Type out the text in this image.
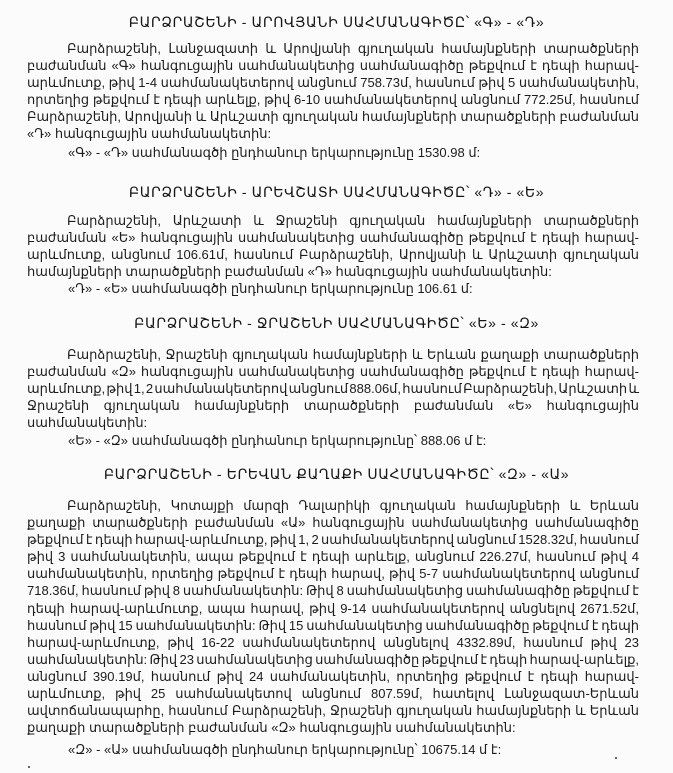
ԲԱՐՁՐԱՇԵՆԻ - ԱՐՈՎՅԱՆԻ ՍԱՀՄԱՆԱԳԻԾԸ՝ «Գ» - «Դ»
Բարձրաշենի, Լանջազատի և Արովյանի գյուղական համայնքների տարածքների
բաժանման «Գ» հանգուցային սահմանակետից սահմանագիծը թեքվում է դեպի հարավ-
արևմուտք, թիվ 1-4 սահմանակետերով անցնում 758.73մ, հասնում թիվ 5 սահմանակետին,
որտեղից թեքվում է դեպի արևելք, թիվ 6-10 սահմանակետերով անցնում 772.25մ, հասնում
Բարձրաշենի, Արովյանի և Արևշատի գյուղական համայնքների տարածքների բաժանման
«Դ» հանգուցային սահմանակետին:
«Գ» - «Դ» սահմանագծի ընդհանուր երկարությունը 1530.98 մ:
ԲԱՐՁՐԱՇԵՆԻ - ԱՐԵՎՇԱՏԻ ՍԱՀՄԱՆԱԳԻԾԸ՝ «Դ» - «Ե»
Բարձրաշենի, Արևշատի և Ջրաշենի գյուղական համայնքների տարածքների
բաժանման «Ե» հանգուցային սահմանակետից սահմանագիծը թեքվում է դեպի հարավ-
արևմուտք, անցնում 106.61մ, հասնում Բարձրաշենի, Արովյանի և Արևշատի գյուղական
համայնքների տարածքների բաժանման «Դ» հանգուցային սահմանակետին:
«Դ» - «Ե» սահմանագծի ընդհանուր երկարությունը 106.61 մ:
ԲԱՐՁՐԱՇԵՆԻ - ՋՐԱՇԵՆԻ ՍԱՀՄԱՆԱԳԻԾԸ՝ «Ե» - «Զ»
Բարձրաշենի, Ջրաշենի գյուղական համայնքների և Երևան քաղաքի տարածքների
բաժանման «Զ» հանգուցային սահմանակետից սահմանագիծը թեքվում է դեպի հարավ-
արևմուտք, թիվ 1, 2 սահմանակետերով անցնում 888.06մ, հասնում Բարձրաշենի, Արևշատի և
Ջրաշենի գյուղական համայնքների տարածքների բաժանման «Ե» հանգուցային
սահմանակետին:
«Ե» - «Զ» սահմանագծի ընդհանուր երկարությունը՝ 888.06 մ է:
ԲԱՐՁՐԱՇԵՆԻ - ԵՐԵՎԱՆ ՔԱՂԱՔԻ ՍԱՀՄԱՆԱԳԻԾԸ՝ «Զ» - «Ա»
Բարձրաշենի, Կոտայքի մարզի Դալարիկի գյուղական համայնքների և Երևան
քաղաքի տարածքների բաժանման «Ա» հանգուցային սահմանակետից սահմանագիծը
թեքվում է դեպի հարավ-արևմուտք, թիվ 1, 2 սահմանակետերով անցնում 1528.32մ, հասնում
թիվ 3 սահմանակետին, ապա թեքվում է դեպի արևելք, անցնում 226.27մ, հասնում թիվ 4
սահմանակետին, որտեղից թեքվում է դեպի հարավ, թիվ 5-7 սահմանակետերով անցնում
718.36մ, հասնում թիվ 8 սահմանակետին: Թիվ 8 սահմանակետից սահմանագիծը թեքվում է
դեպի հարավ-արևմուտք, ապա հարավ, թիվ 9-14 սահմանակետերով անցնելով 2671.52մ,
հասնում թիվ 15 սահմանակետին: Թիվ 15 սահմանակետից սահմանագիծը թեքվում է դեպի
հարավ-արևմուտք, թիվ 16-22 սահմանակետերով անցնելով 4332.89մ, հասնում թիվ 23
սահմանակետին: Թիվ 23 սահմանակետից սահմանագիծը թեքվում է դեպի հարավ-արևելք,
անցնում 390.19մ, հասնում թիվ 24 սահմանակետին, որտեղից թեքվում է դեպի հարավ-
արևմուտք, թիվ 25 սահմանակետով անցնում 807.59մ, հատելով Լանջազատ-Երևան
ավտոճանապարհը, հասնում Բարձրաշենի, Ջրաշենի գյուղական համայնքների և Երևան
քաղաքի տարածքների բաժանման «Զ» հանգուցային սահմանակետին:
«Զ» - «Ա» սահմանագծի ընդհանուր երկարությունը՝ 10675.14 մ է:
